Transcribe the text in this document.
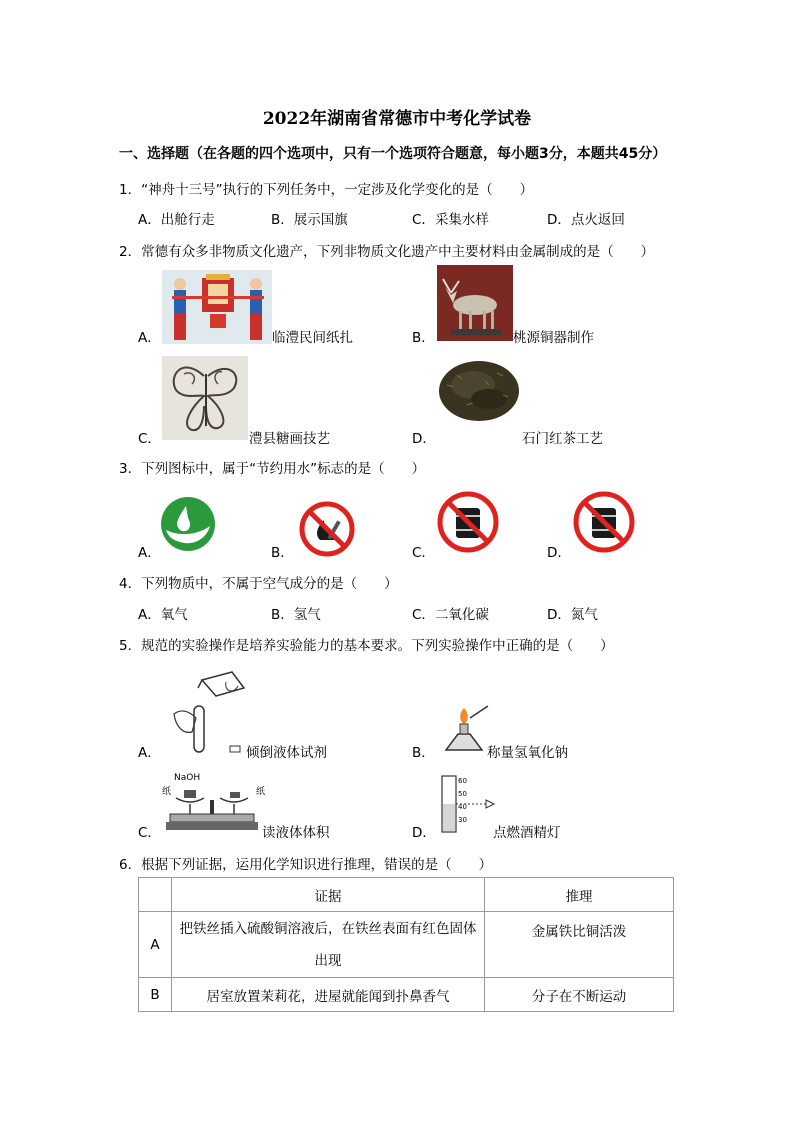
2022年湖南省常德市中考化学试卷
一、选择题（在各题的四个选项中，只有一个选项符合题意，每小题3分，本题共45分）
1．“神舟十三号”执行的下列任务中，一定涉及化学变化的是（　　）
A．出舱行走	B．展示国旗	C．采集水样	D．点火返回
2．常德有众多非物质文化遗产，下列非物质文化遗产中主要材料由金属制成的是（　　）
A．	临澧民间纸扎	B．	桃源铜器制作
C．	澧县糖画技艺	D．	石门红茶工艺
3．下列图标中，属于“节约用水”标志的是（　　）
A．	B．	C．	D．
4．下列物质中，不属于空气成分的是（　　）
A．氧气	B．氢气	C．二氧化碳	D．氮气
5．规范的实验操作是培养实验能力的基本要求。下列实验操作中正确的是（　　）
A．	倾倒液体试剂	B．	称量氢氧化钠
C．
NaOH
纸	纸
读液体体积	D．
60
50
40
30
点燃酒精灯
6．根据下列证据，运用化学知识进行推理，错误的是（　　）
	证据	推理
A	把铁丝插入硫酸铜溶液后，在铁丝表面有红色固体
出现	金属铁比铜活泼
B	居室放置茉莉花，进屋就能闻到扑鼻香气	分子在不断运动
